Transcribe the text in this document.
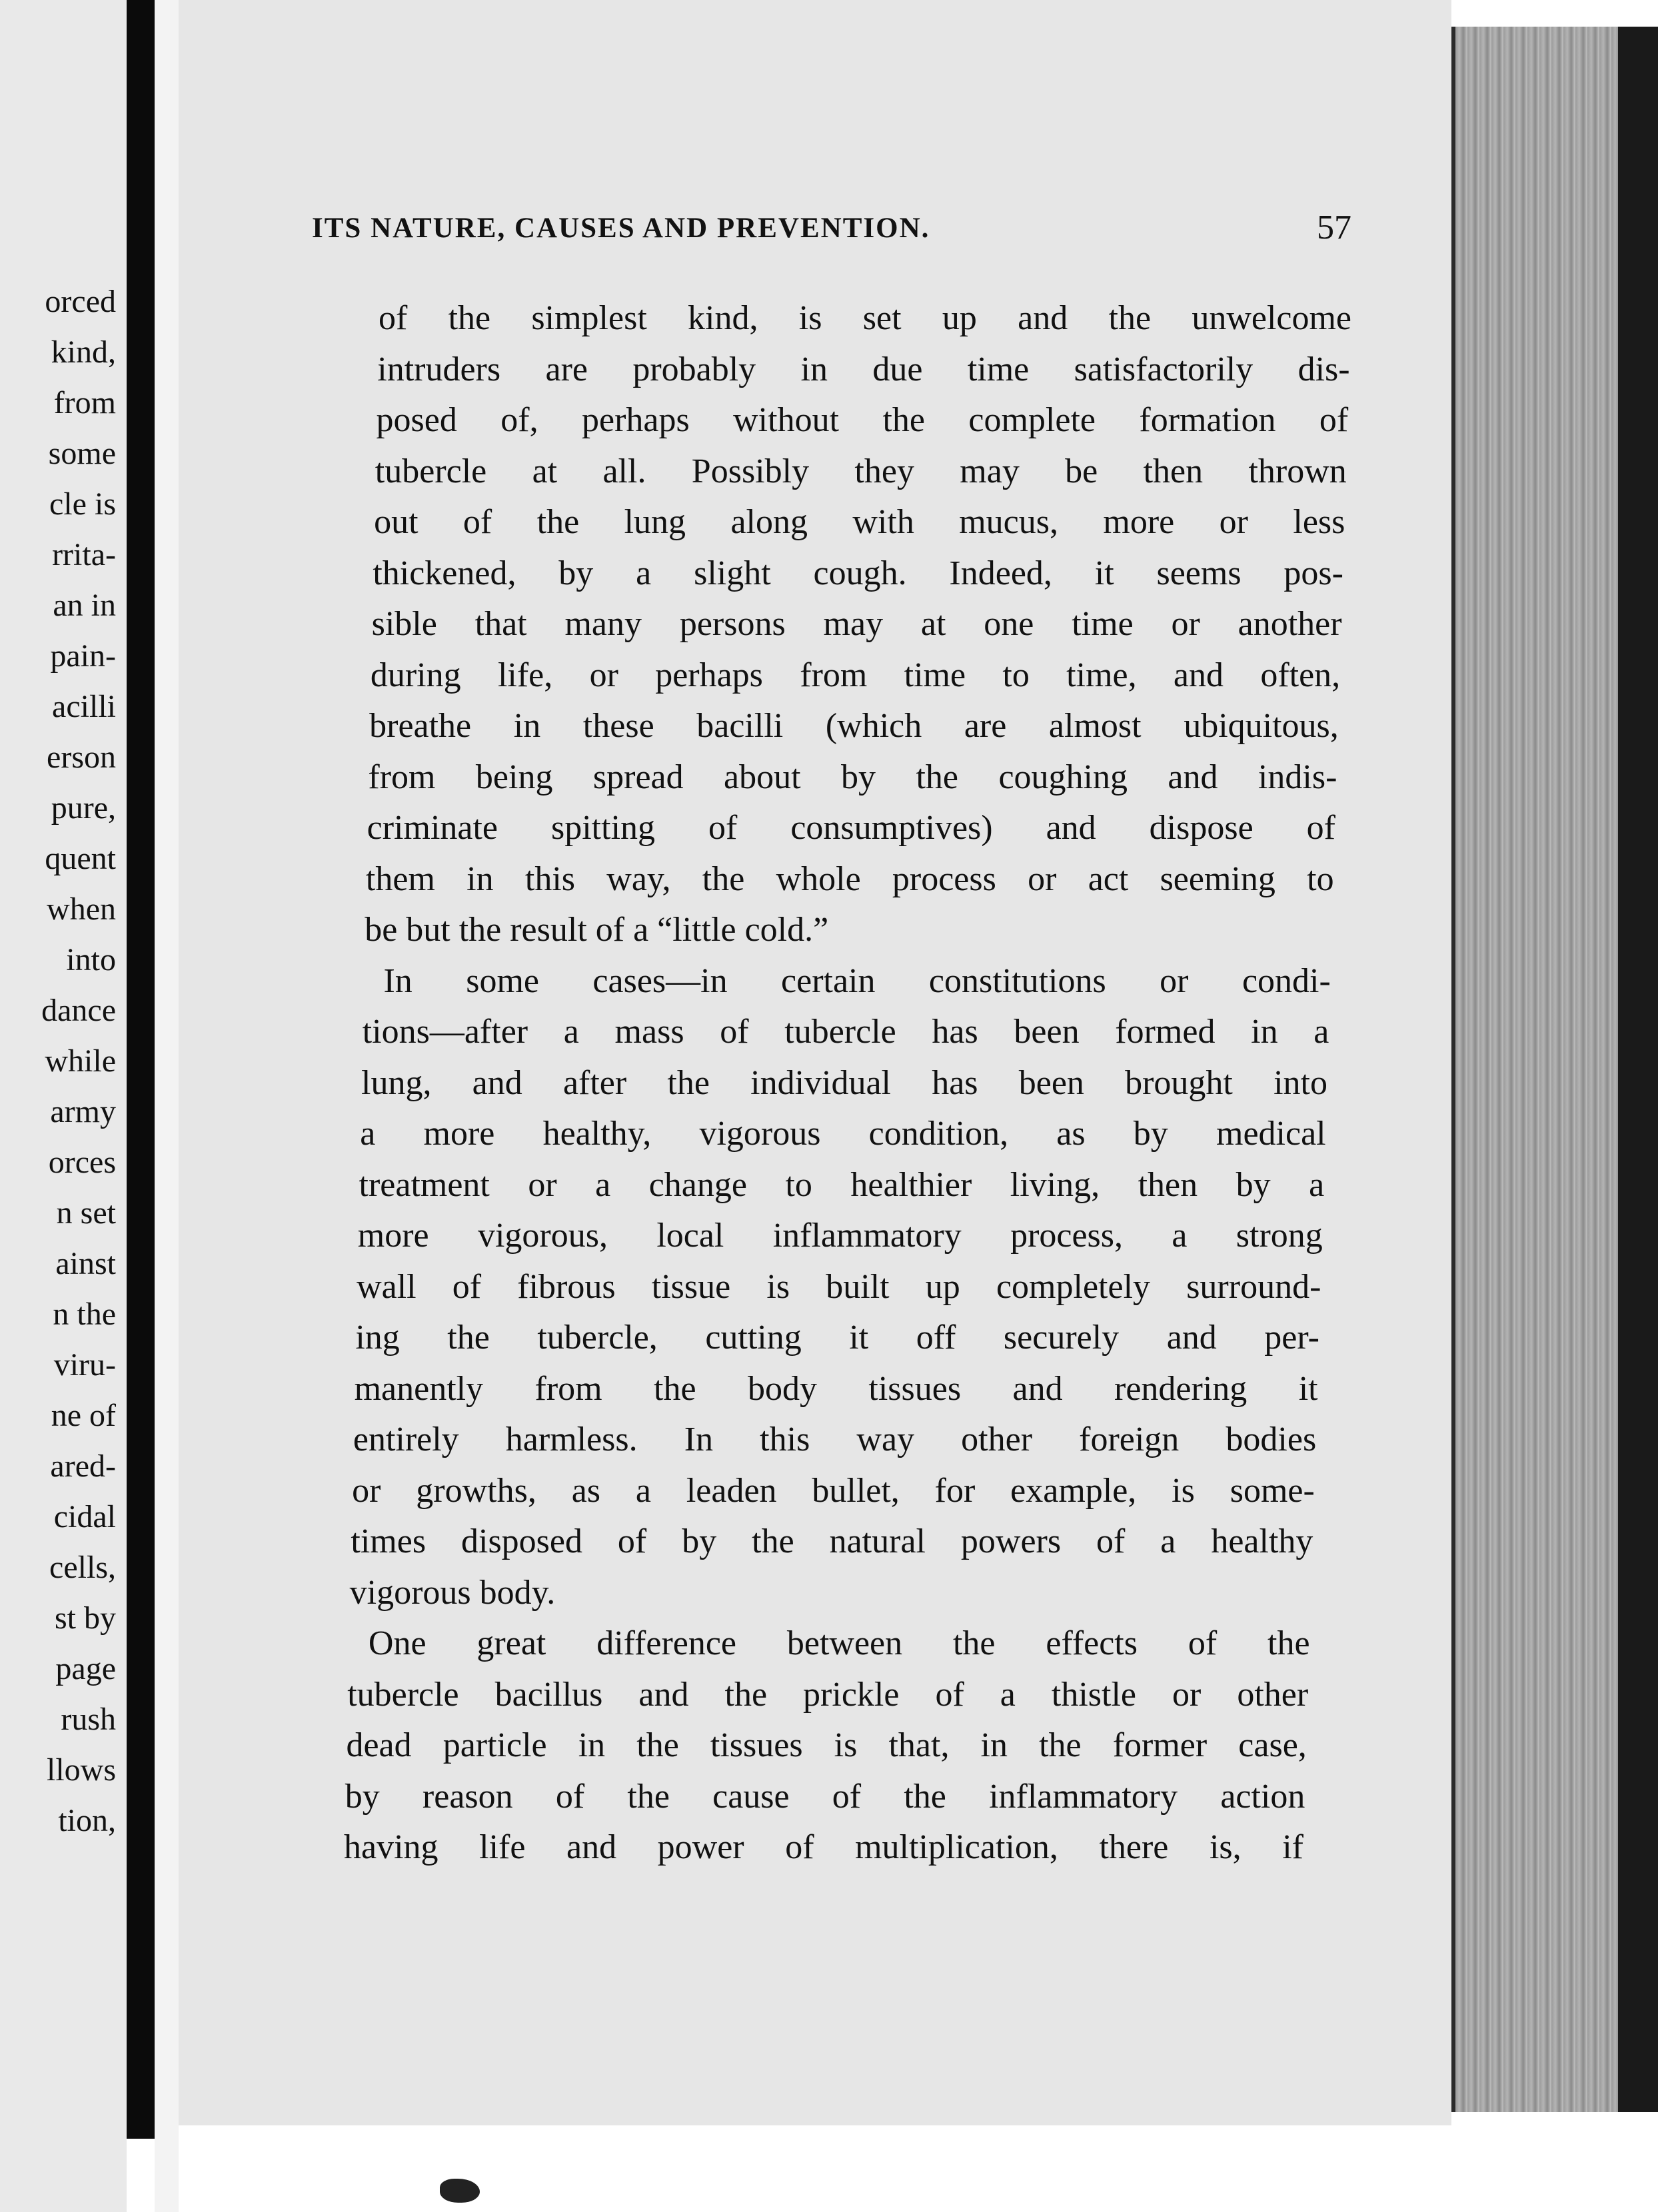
orced
kind,
from
some
cle is
rrita-
an in
pain-
acilli
erson
pure,
quent
when
into
dance
while
army
orces
n set
ainst
n the
viru-
ne of
ared-
cidal
cells,
st by
page
rush
llows
tion,
ITS NATURE, CAUSES AND PREVENTION.	57
of the simplest kind, is set up and the unwelcome
intruders are probably in due time satisfactorily dis-
posed of, perhaps without the complete formation of
tubercle at all. Possibly they may be then thrown
out of the lung along with mucus, more or less
thickened, by a slight cough. Indeed, it seems pos-
sible that many persons may at one time or another
during life, or perhaps from time to time, and often,
breathe in these bacilli (which are almost ubiquitous,
from being spread about by the coughing and indis-
criminate spitting of consumptives) and dispose of
them in this way, the whole process or act seeming to
be but the result of a “little cold.”
In some cases—in certain constitutions or condi-
tions—after a mass of tubercle has been formed in a
lung, and after the individual has been brought into
a more healthy, vigorous condition, as by medical
treatment or a change to healthier living, then by a
more vigorous, local inflammatory process, a strong
wall of fibrous tissue is built up completely surround-
ing the tubercle, cutting it off securely and per-
manently from the body tissues and rendering it
entirely harmless. In this way other foreign bodies
or growths, as a leaden bullet, for example, is some-
times disposed of by the natural powers of a healthy
vigorous body.
One great difference between the effects of the
tubercle bacillus and the prickle of a thistle or other
dead particle in the tissues is that, in the former case,
by reason of the cause of the inflammatory action
having life and power of multiplication, there is, if
